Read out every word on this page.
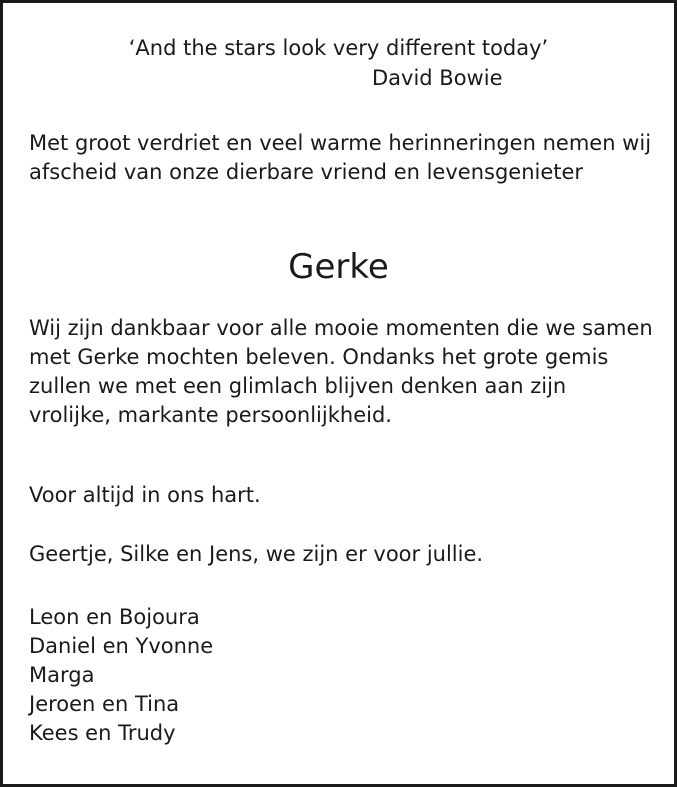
‘And the stars look very different today’

David Bowie

Met groot verdriet en veel warme herinneringen nemen wij afscheid van onze dierbare vriend en levensgenieter

Gerke

Wij zijn dankbaar voor alle mooie momenten die we samen met Gerke mochten beleven. Ondanks het grote gemis zullen we met een glimlach blijven denken aan zijn vrolijke, markante persoonlijkheid.

Voor altijd in ons hart.

Geertje, Silke en Jens, we zijn er voor jullie.

Leon en Bojoura
Daniel en Yvonne
Marga
Jeroen en Tina
Kees en Trudy
